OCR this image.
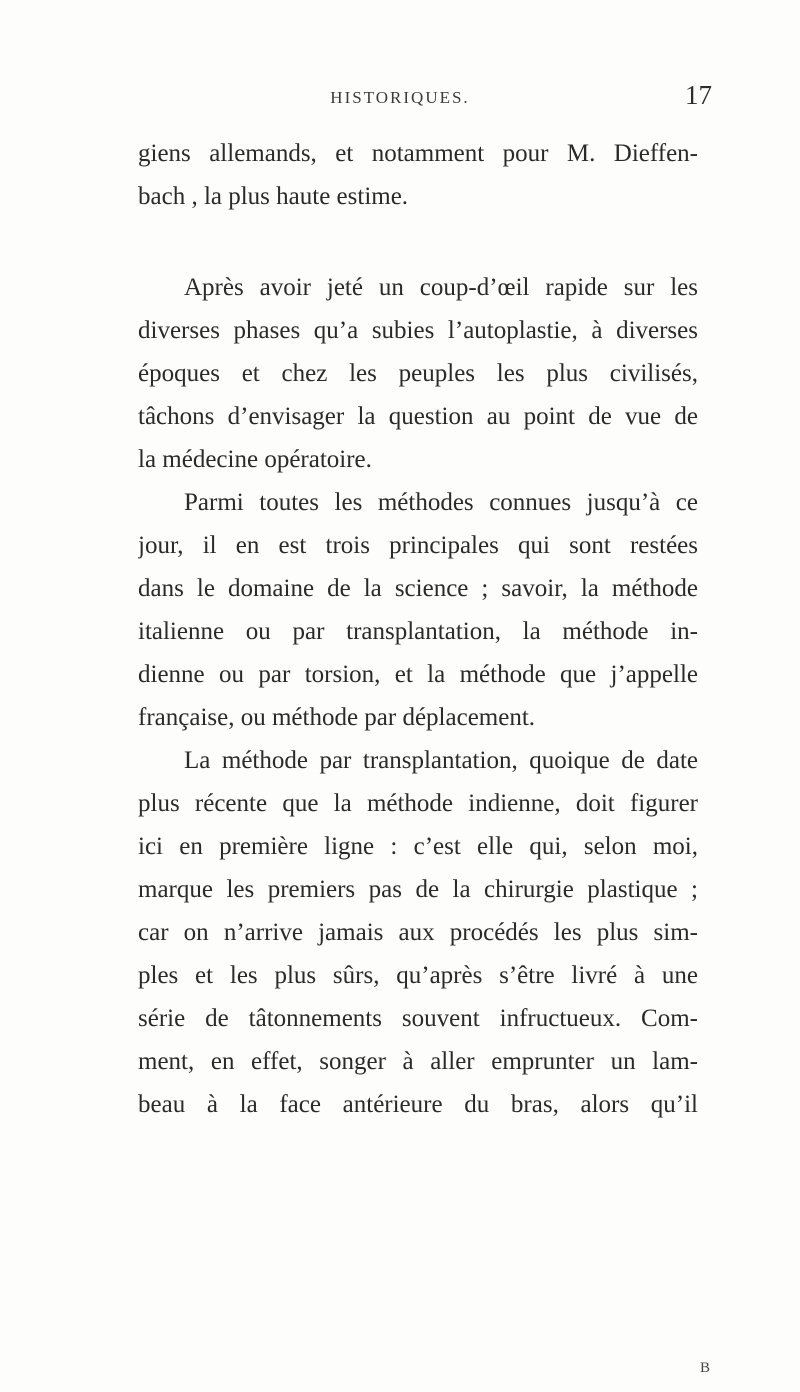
HISTORIQUES.	17
giens allemands, et notamment pour M. Dieffen-
bach , la plus haute estime.
Après avoir jeté un coup-d’œil rapide sur les
diverses phases qu’a subies l’autoplastie, à diverses
époques et chez les peuples les plus civilisés,
tâchons d’envisager la question au point de vue de
la médecine opératoire.
Parmi toutes les méthodes connues jusqu’à ce
jour, il en est trois principales qui sont restées
dans le domaine de la science ; savoir, la méthode
italienne ou par transplantation, la méthode in-
dienne ou par torsion, et la méthode que j’appelle
française, ou méthode par déplacement.
La méthode par transplantation, quoique de date
plus récente que la méthode indienne, doit figurer
ici en première ligne : c’est elle qui, selon moi,
marque les premiers pas de la chirurgie plastique ;
car on n’arrive jamais aux procédés les plus sim-
ples et les plus sûrs, qu’après s’être livré à une
série de tâtonnements souvent infructueux. Com-
ment, en effet, songer à aller emprunter un lam-
beau à la face antérieure du bras, alors qu’il
B
